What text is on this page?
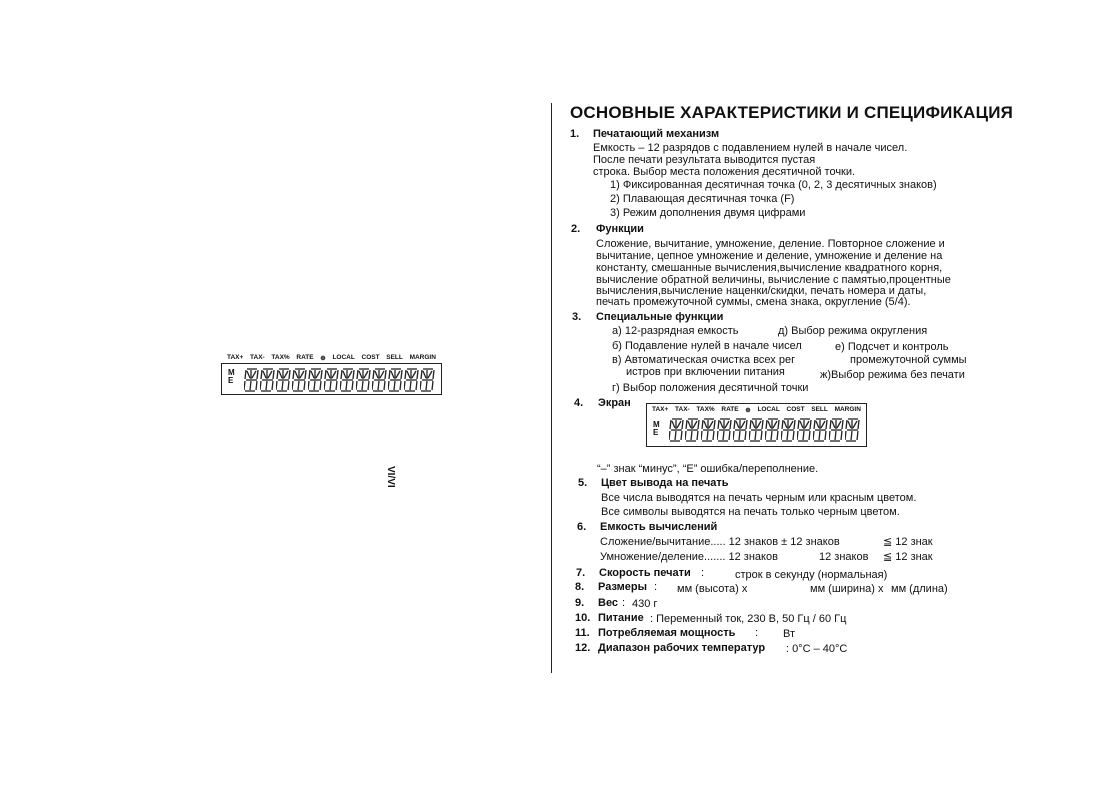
TAX+ TAX- TAX% RATE ⊕ LOCAL COST SELL MARGIN
M
E
VI/VI
ОСНОВНЫЕ ХАРАКТЕРИСТИКИ И СПЕЦИФИКАЦИЯ
1. Печатающий механизм
Емкость – 12 разрядов с подавлением нулей в начале чисел.
После печати результата выводится пустая
строка. Выбор места положения десятичной точки.
1) Фиксированная десятичная точка (0, 2, 3 десятичных знаков)
2) Плавающая десятичная точка (F)
3) Режим дополнения двумя цифрами
2. Функции
Сложение, вычитание, умножение, деление. Повторное сложение и
вычитание, цепное умножение и деление, умножение и деление на
константу, смешанные вычисления,вычисление квадратного корня,
вычисление обратной величины, вычисление с памятью,процентные
вычисления,вычисление наценки/скидки, печать номера и даты,
печать промежуточной суммы, смена знака, округление (5/4).
3. Специальные функции
а) 12-разрядная емкость	д) Выбор режима округления
б) Подавление нулей в начале чисел	е) Подсчет и контроль
промежуточной суммы
в) Автоматическая очистка всех рег
истров при включении питания	ж)Выбор режима без печати
г) Выбор положения десятичной точки
4. Экран
TAX+ TAX- TAX% RATE ⊕ LOCAL COST SELL MARGIN
M
E
“–” знак “минус”, “E” ошибка/переполнение.
5. Цвет вывода на печать
Все числа выводятся на печать черным или красным цветом.
Все символы выводятся на печать только черным цветом.
6. Емкость вычислений
Сложение/вычитание..... 12 знаков ± 12 знаков	≦ 12 знак
Умножение/деление....... 12 знаков	12 знаков ≦ 12 знак
7. Скорость печати :	строк в секунду (нормальная)
8. Размеры : мм (высота) х	мм (ширина) х мм (длина)
9. Вес : 430 г
10. Питание : Переменный ток, 230 В, 50 Гц / 60 Гц
11. Потребляемая мощность : Вт
12. Диапазон рабочих температур : 0°C – 40°C
